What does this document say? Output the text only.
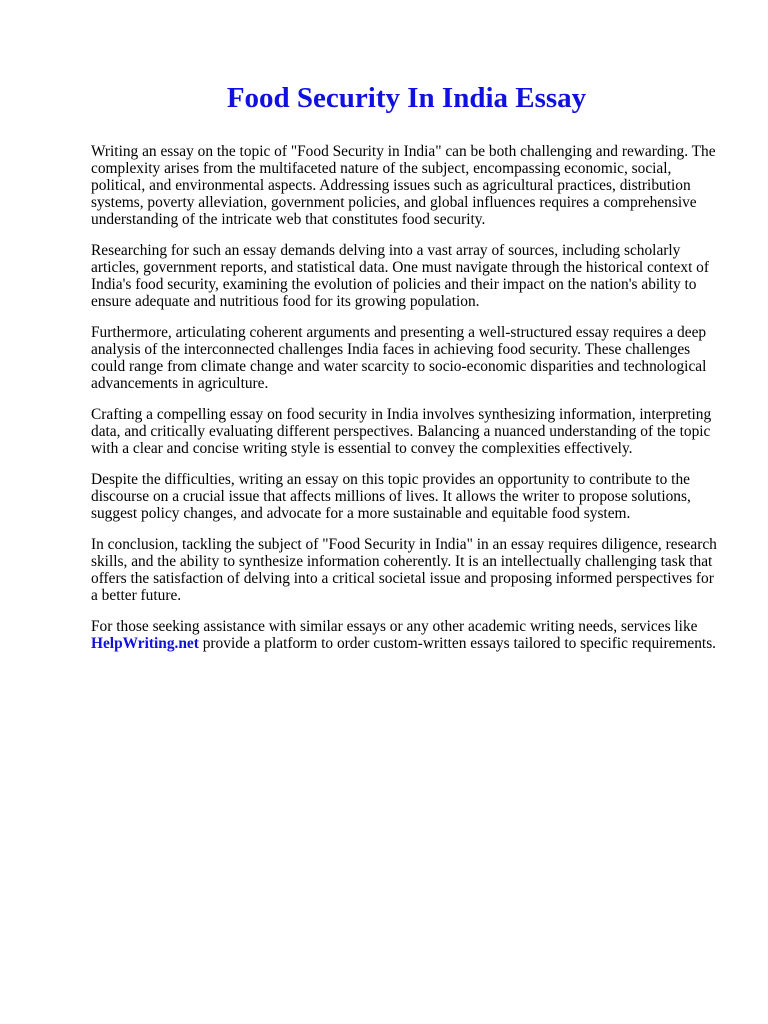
Food Security In India Essay

Writing an essay on the topic of "Food Security in India" can be both challenging and rewarding. The complexity arises from the multifaceted nature of the subject, encompassing economic, social, political, and environmental aspects. Addressing issues such as agricultural practices, distribution systems, poverty alleviation, government policies, and global influences requires a comprehensive understanding of the intricate web that constitutes food security.

Researching for such an essay demands delving into a vast array of sources, including scholarly articles, government reports, and statistical data. One must navigate through the historical context of India's food security, examining the evolution of policies and their impact on the nation's ability to ensure adequate and nutritious food for its growing population.

Furthermore, articulating coherent arguments and presenting a well-structured essay requires a deep analysis of the interconnected challenges India faces in achieving food security. These challenges could range from climate change and water scarcity to socio-economic disparities and technological advancements in agriculture.

Crafting a compelling essay on food security in India involves synthesizing information, interpreting data, and critically evaluating different perspectives. Balancing a nuanced understanding of the topic with a clear and concise writing style is essential to convey the complexities effectively.

Despite the difficulties, writing an essay on this topic provides an opportunity to contribute to the discourse on a crucial issue that affects millions of lives. It allows the writer to propose solutions, suggest policy changes, and advocate for a more sustainable and equitable food system.

In conclusion, tackling the subject of "Food Security in India" in an essay requires diligence, research skills, and the ability to synthesize information coherently. It is an intellectually challenging task that offers the satisfaction of delving into a critical societal issue and proposing informed perspectives for a better future.

For those seeking assistance with similar essays or any other academic writing needs, services like HelpWriting.net provide a platform to order custom-written essays tailored to specific requirements.
